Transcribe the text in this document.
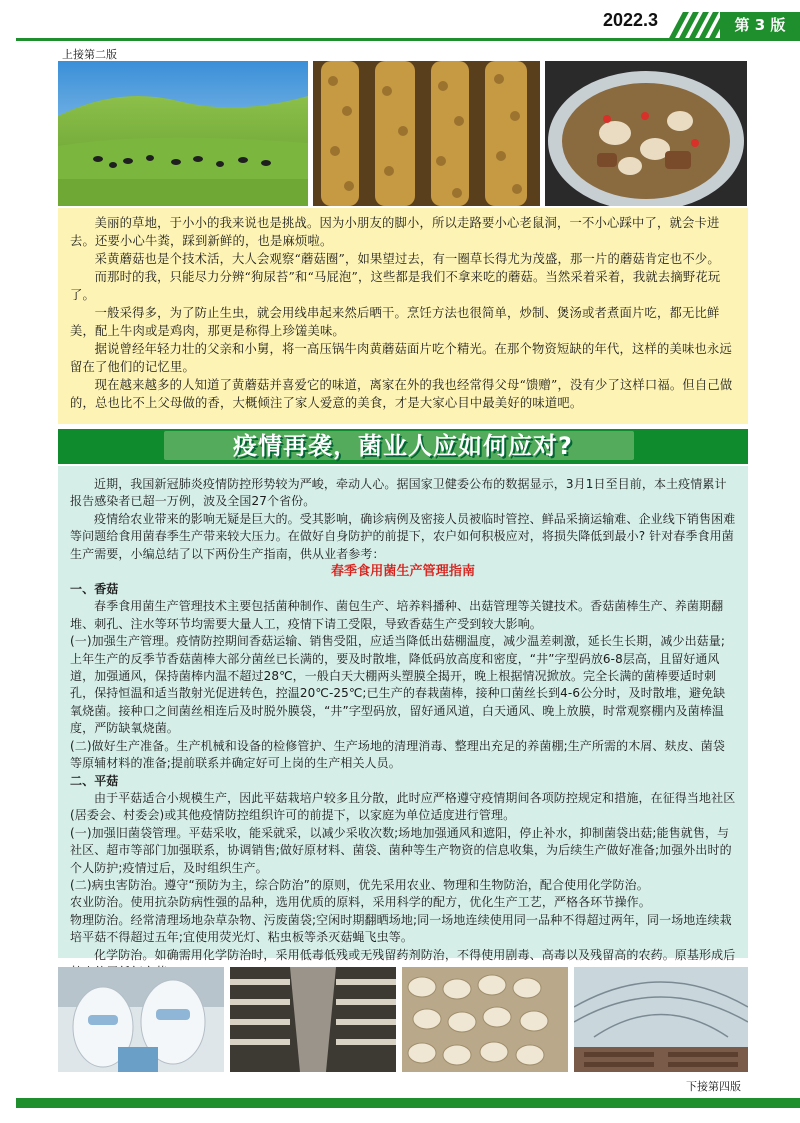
2022.3	第 3 版
上接第二版

美丽的草地，于小小的我来说也是挑战。因为小朋友的脚小，所以走路要小心老鼠洞，一不小心踩中了，就会卡进去。还要小心牛粪，踩到新鲜的，也是麻烦啦。

采黄蘑菇也是个技术活，大人会观察“蘑菇圈”，如果望过去，有一圈草长得尤为茂盛，那一片的蘑菇肯定也不少。

而那时的我，只能尽力分辨“狗尿苔”和“马屁泡”，这些都是我们不拿来吃的蘑菇。当然采着采着，我就去摘野花玩了。

一般采得多，为了防止生虫，就会用线串起来然后晒干。烹饪方法也很简单，炒制、煲汤或者煮面片吃，都无比鲜美，配上牛肉或是鸡肉，那更是称得上珍馐美味。

据说曾经年轻力壮的父亲和小舅，将一高压锅牛肉黄蘑菇面片吃个精光。在那个物资短缺的年代，这样的美味也永远留在了他们的记忆里。

现在越来越多的人知道了黄蘑菇并喜爱它的味道，离家在外的我也经常得父母“馈赠”，没有少了这样口福。但自己做的，总也比不上父母做的香，大概倾注了家人爱意的美食，才是大家心目中最美好的味道吧。

疫情再袭，菌业人应如何应对?

近期，我国新冠肺炎疫情防控形势较为严峻，牵动人心。据国家卫健委公布的数据显示，3月1日至目前，本土疫情累计报告感染者已超一万例，波及全国27个省份。

疫情给农业带来的影响无疑是巨大的。受其影响，确诊病例及密接人员被临时管控、鲜品采摘运输难、企业线下销售困难等问题给食用菌春季生产带来较大压力。在做好自身防护的前提下，农户如何积极应对，将损失降低到最小? 针对春季食用菌生产需要，小编总结了以下两份生产指南，供从业者参考：

春季食用菌生产管理指南

一、香菇

春季食用菌生产管理技术主要包括菌种制作、菌包生产、培养料播种、出菇管理等关键技术。香菇菌棒生产、养菌期翻堆、刺孔、注水等环节均需要大量人工，疫情下请工受限，导致香菇生产受到较大影响。

(一)加强生产管理。疫情防控期间香菇运输、销售受阻，应适当降低出菇棚温度，减少温差刺激，延长生长期，减少出菇量;上年生产的反季节香菇菌棒大部分菌丝已长满的，要及时散堆，降低码放高度和密度，“井”字型码放6-8层高，且留好通风道，加强通风，保持菌棒内温不超过28℃，一般白天大棚两头塑膜全揭开，晚上根据情况掀放。完全长满的菌棒要适时刺孔，保持恒温和适当散射光促进转色，控温20℃-25℃;已生产的春栽菌棒，接种口菌丝长到4-6公分时，及时散堆，避免缺氧烧菌。接种口之间菌丝相连后及时脱外膜袋，“井”字型码放，留好通风道，白天通风、晚上放膜，时常观察棚内及菌棒温度，严防缺氧烧菌。

(二)做好生产准备。生产机械和设备的检修管护、生产场地的清理消毒、整理出充足的养菌棚;生产所需的木屑、麸皮、菌袋等原辅材料的准备;提前联系并确定好可上岗的生产相关人员。

二、平菇

由于平菇适合小规模生产，因此平菇栽培户较多且分散，此时应严格遵守疫情期间各项防控规定和措施，在征得当地社区(居委会、村委会)或其他疫情防控组织许可的前提下，以家庭为单位适度进行管理。

(一)加强旧菌袋管理。平菇采收，能采就采，以减少采收次数;场地加强通风和遮阳，停止补水，抑制菌袋出菇;能售就售，与社区、超市等部门加强联系，协调销售;做好原材料、菌袋、菌种等生产物资的信息收集，为后续生产做好准备;加强外出时的个人防护;疫情过后，及时组织生产。

(二)病虫害防治。遵守“预防为主，综合防治”的原则，优先采用农业、物理和生物防治，配合使用化学防治。

农业防治。使用抗杂防病性强的品种，选用优质的原料，采用科学的配方，优化生产工艺，严格各环节操作。

物理防治。经常清理场地杂草杂物、污废菌袋;空闲时期翻晒场地;同一场地连续使用同一品种不得超过两年，同一场地连续栽培平菇不得超过五年;宜使用荧光灯、粘虫板等杀灭菇蝇飞虫等。

化学防治。如确需用化学防治时，采用低毒低残或无残留药剂防治，不得使用剧毒、高毒以及残留高的农药。原基形成后

下接第四版
